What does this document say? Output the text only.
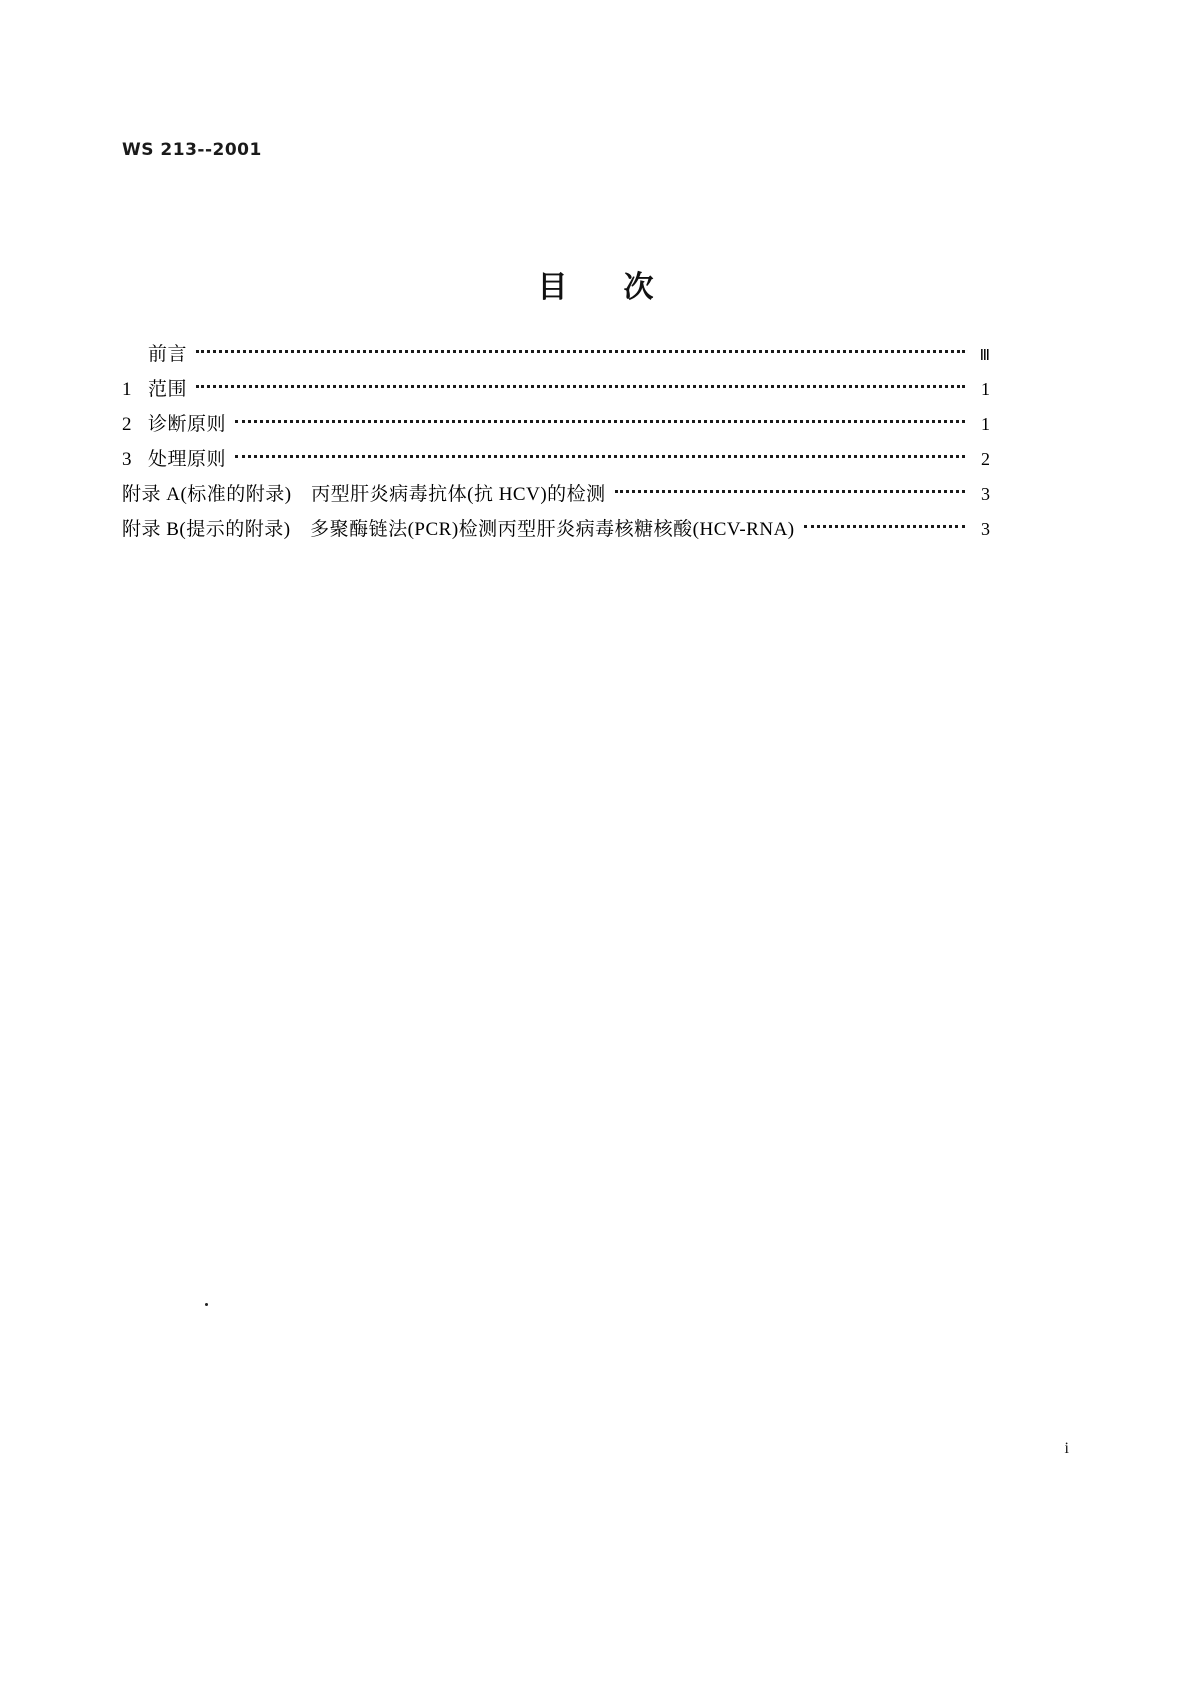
WS 213--2001
目 次
前言	Ⅲ
1 范围	1
2 诊断原则	1
3 处理原则	2
附录 A(标准的附录)　丙型肝炎病毒抗体(抗 HCV)的检测	3
附录 B(提示的附录)　多聚酶链法(PCR)检测丙型肝炎病毒核糖核酸(HCV-RNA)	3
i
